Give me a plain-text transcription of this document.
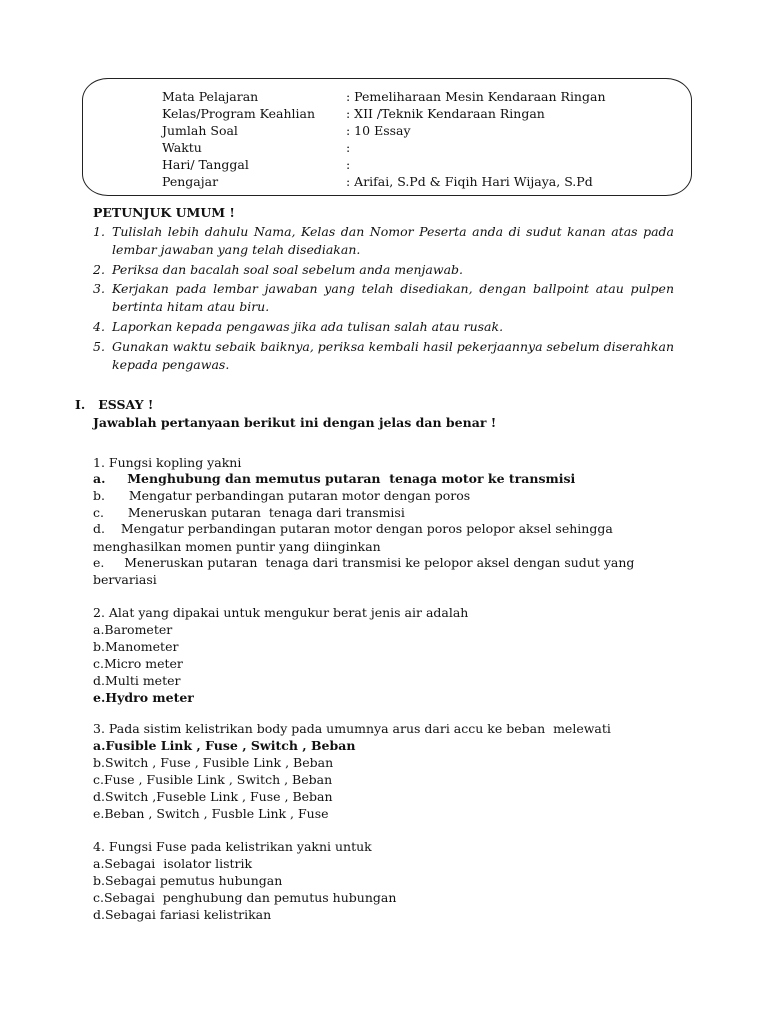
Mata Pelajaran	: Pemeliharaan Mesin Kendaraan Ringan
Kelas/Program Keahlian : XII /Teknik Kendaraan Ringan
Jumlah Soal	: 10 Essay
Waktu	:
Hari/ Tanggal	:
Pengajar	: Arifai, S.Pd & Fiqih Hari Wijaya, S.Pd
PETUNJUK UMUM !
1. Tulislah lebih dahulu Nama, Kelas dan Nomor Peserta anda di sudut kanan atas pada
lembar jawaban yang telah disediakan.
2. Periksa dan bacalah soal soal sebelum anda menjawab.
3. Kerjakan pada lembar jawaban yang telah disediakan, dengan ballpoint atau pulpen
bertinta hitam atau biru.
4. Laporkan kepada pengawas jika ada tulisan salah atau rusak.
5. Gunakan waktu sebaik baiknya, periksa kembali hasil pekerjaannya sebelum diserahkan
kepada pengawas.
I.   ESSAY !
Jawablah pertanyaan berikut ini dengan jelas dan benar !
1. Fungsi kopling yakni
a.     Menghubung dan memutus putaran  tenaga motor ke transmisi
b.      Mengatur perbandingan putaran motor dengan poros
c.      Meneruskan putaran  tenaga dari transmisi
d.    Mengatur perbandingan putaran motor dengan poros pelopor aksel sehingga
menghasilkan momen puntir yang diinginkan
e.     Meneruskan putaran  tenaga dari transmisi ke pelopor aksel dengan sudut yang
bervariasi
2. Alat yang dipakai untuk mengukur berat jenis air adalah
a.Barometer
b.Manometer
c.Micro meter
d.Multi meter
e.Hydro meter
3. Pada sistim kelistrikan body pada umumnya arus dari accu ke beban  melewati
a.Fusible Link , Fuse , Switch , Beban
b.Switch , Fuse , Fusible Link , Beban
c.Fuse , Fusible Link , Switch , Beban
d.Switch ,Fuseble Link , Fuse , Beban
e.Beban , Switch , Fusble Link , Fuse
4. Fungsi Fuse pada kelistrikan yakni untuk
a.Sebagai  isolator listrik
b.Sebagai pemutus hubungan
c.Sebagai  penghubung dan pemutus hubungan
d.Sebagai fariasi kelistrikan
